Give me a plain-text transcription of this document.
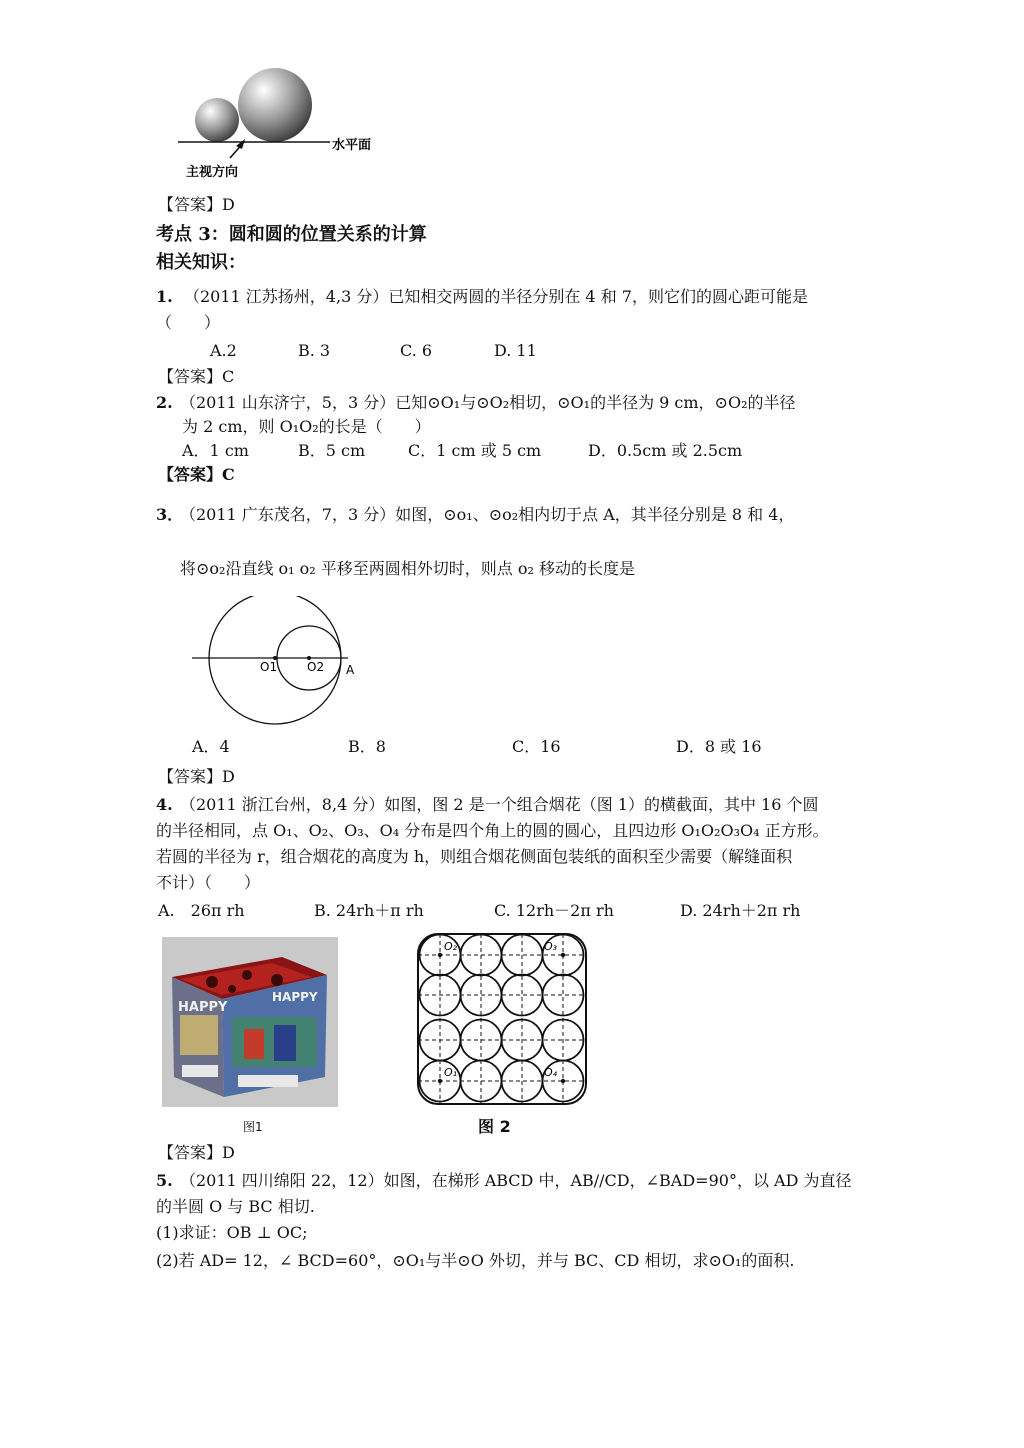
水平面
主视方向
【答案】D
考点 3：圆和圆的位置关系的计算
相关知识：
1. （2011 江苏扬州，4,3 分）已知相交两圆的半径分别在 4 和 7，则它们的圆心距可能是
（　　）
A.2	B. 3	C. 6	D. 11
【答案】C
2. （2011 山东济宁，5，3 分）已知⊙O₁与⊙O₂相切，⊙O₁的半径为 9 cm，⊙O₂的半径
为 2 cm，则 O₁O₂的长是（　　）
A．1 cm	B．5 cm	C．1 cm 或 5 cm	D．0.5cm 或 2.5cm
【答案】C
3．
（2011 广东茂名，7，3 分）如图，⊙o₁、⊙o₂相内切于点 A，其半径分别是 8 和 4，
将⊙o₂沿直线 o₁ o₂ 平移至两圆相外切时，则点 o₂ 移动的长度是
O1 O2 A
A．4	B．8	C．16	D．8 或 16
【答案】D
4. （2011 浙江台州，8,4 分）如图，图 2 是一个组合烟花（图 1）的横截面，其中 16 个圆
的半径相同，点 O₁、O₂、O₃、O₄ 分布是四个角上的圆的圆心，且四边形 O₁O₂O₃O₄ 正方形。
若圆的半径为 r，组合烟花的高度为 h，则组合烟花侧面包装纸的面积至少需要（解缝面积
不计）（　　）
A.　26π rh	B. 24rh＋π rh	C. 12rh－2π rh	D. 24rh＋2π rh
HAPPY
HAPPY
图1
O₂	O₃
O₁	O₄
图 2
【答案】D
5. （2011 四川绵阳 22，12）如图，在梯形 ABCD 中，AB//CD，∠BAD=90°，以 AD 为直径
的半圆 O 与 BC 相切.
(1)求证：OB ⊥ OC;
(2)若 AD= 12，∠ BCD=60°，⊙O₁与半⊙O 外切，并与 BC、CD 相切，求⊙O₁的面积.
